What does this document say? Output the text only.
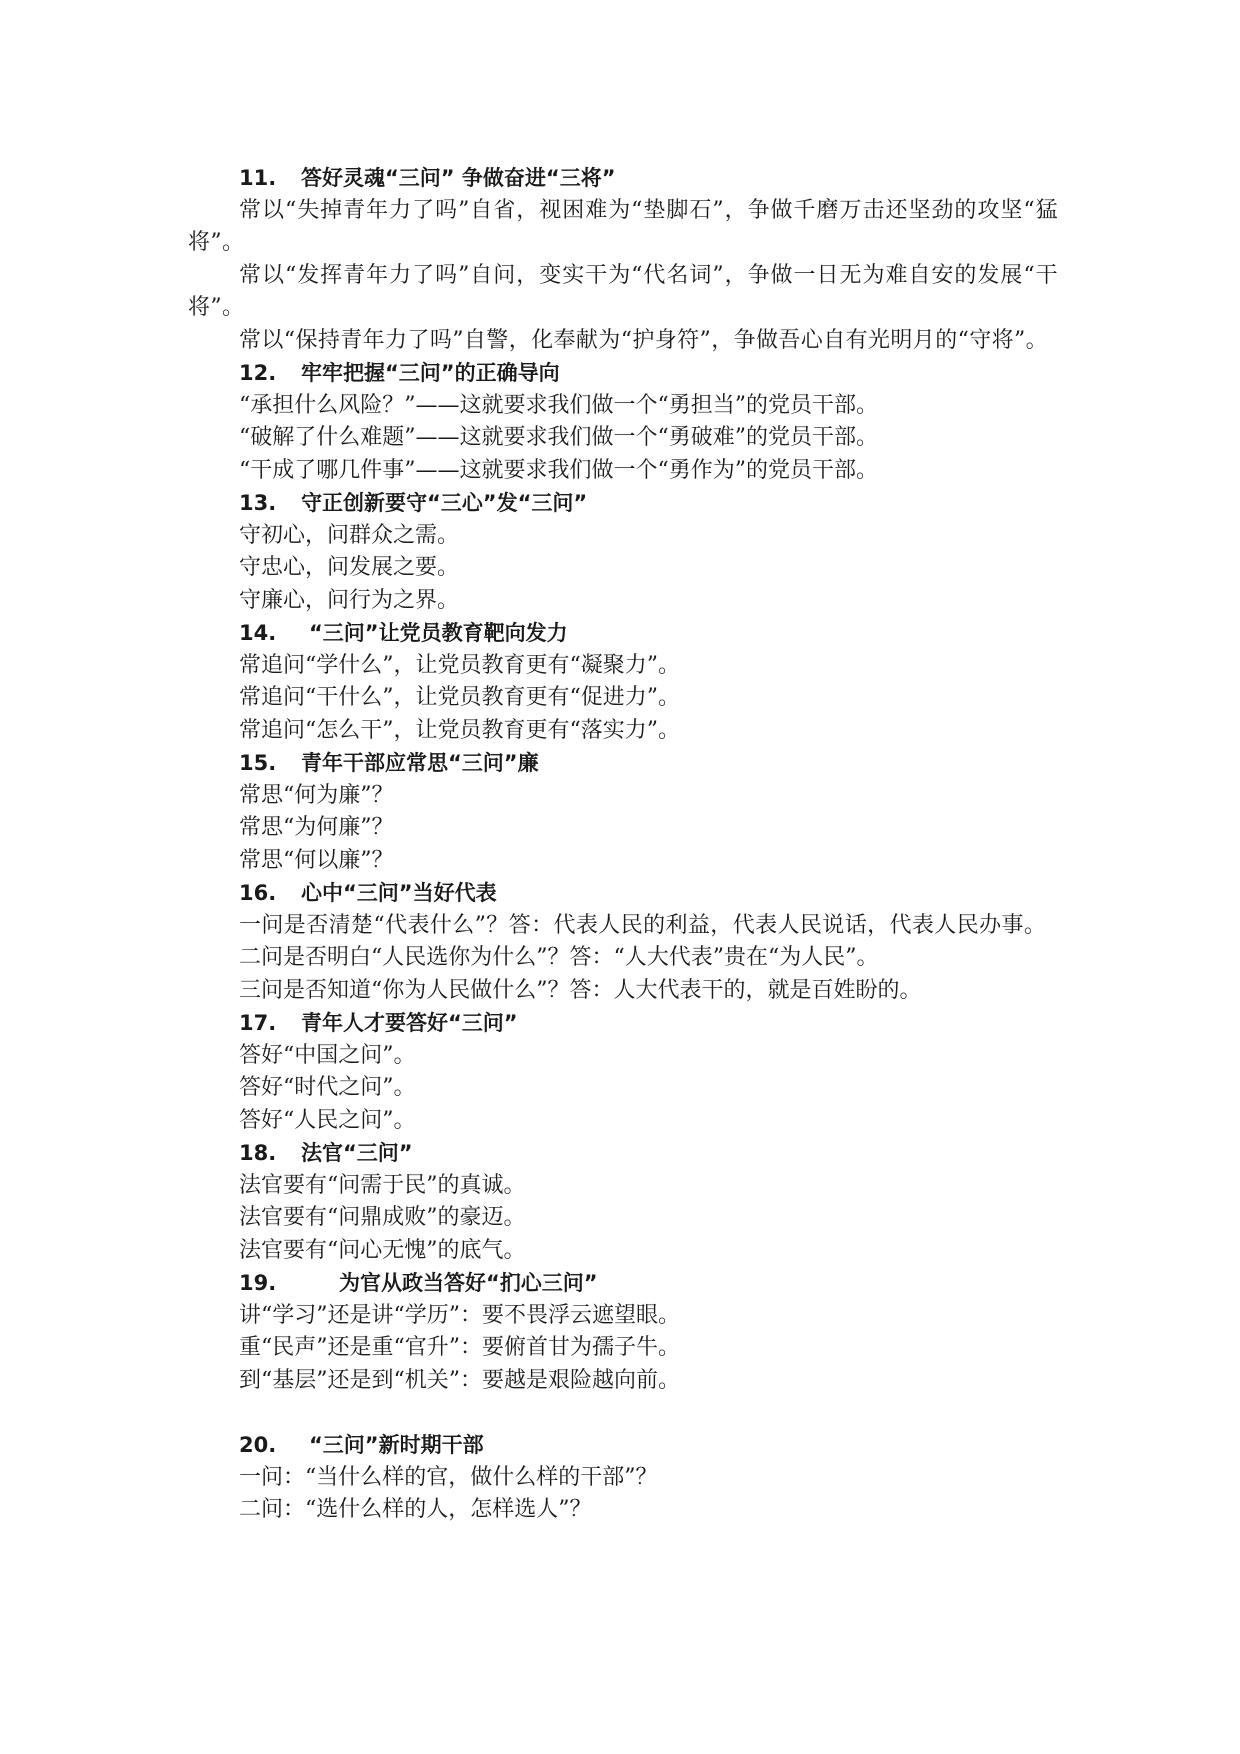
11. 答好灵魂“三问” 争做奋进“三将”

常以“失掉青年力了吗”自省，视困难为“垫脚石”，争做千磨万击还坚劲的攻坚“猛将”。

常以“发挥青年力了吗”自问，变实干为“代名词”，争做一日无为难自安的发展“干将”。

常以“保持青年力了吗”自警，化奉献为“护身符”，争做吾心自有光明月的“守将”。

12. 牢牢把握“三问”的正确导向

“承担什么风险？”——这就要求我们做一个“勇担当”的党员干部。

“破解了什么难题”——这就要求我们做一个“勇破难”的党员干部。

“干成了哪几件事”——这就要求我们做一个“勇作为”的党员干部。

13. 守正创新要守“三心”发“三问”

守初心，问群众之需。

守忠心，问发展之要。

守廉心，问行为之界。

14. “三问”让党员教育靶向发力

常追问“学什么”，让党员教育更有“凝聚力”。

常追问“干什么”，让党员教育更有“促进力”。

常追问“怎么干”，让党员教育更有“落实力”。

15. 青年干部应常思“三问”廉

常思“何为廉”？

常思“为何廉”？

常思“何以廉”？

16. 心中“三问”当好代表

一问是否清楚“代表什么”？答：代表人民的利益，代表人民说话，代表人民办事。

二问是否明白“人民选你为什么”？答：“人大代表”贵在“为人民”。

三问是否知道“你为人民做什么”？答：人大代表干的，就是百姓盼的。

17. 青年人才要答好“三问”

答好“中国之问”。

答好“时代之问”。

答好“人民之问”。

18. 法官“三问”

法官要有“问需于民”的真诚。

法官要有“问鼎成败”的豪迈。

法官要有“问心无愧”的底气。

19.	为官从政当答好“扪心三问”

讲“学习”还是讲“学历”：要不畏浮云遮望眼。

重“民声”还是重“官升”：要俯首甘为孺子牛。

到“基层”还是到“机关”：要越是艰险越向前。

20. “三问”新时期干部

一问：“当什么样的官，做什么样的干部”？

二问：“选什么样的人，怎样选人”？
